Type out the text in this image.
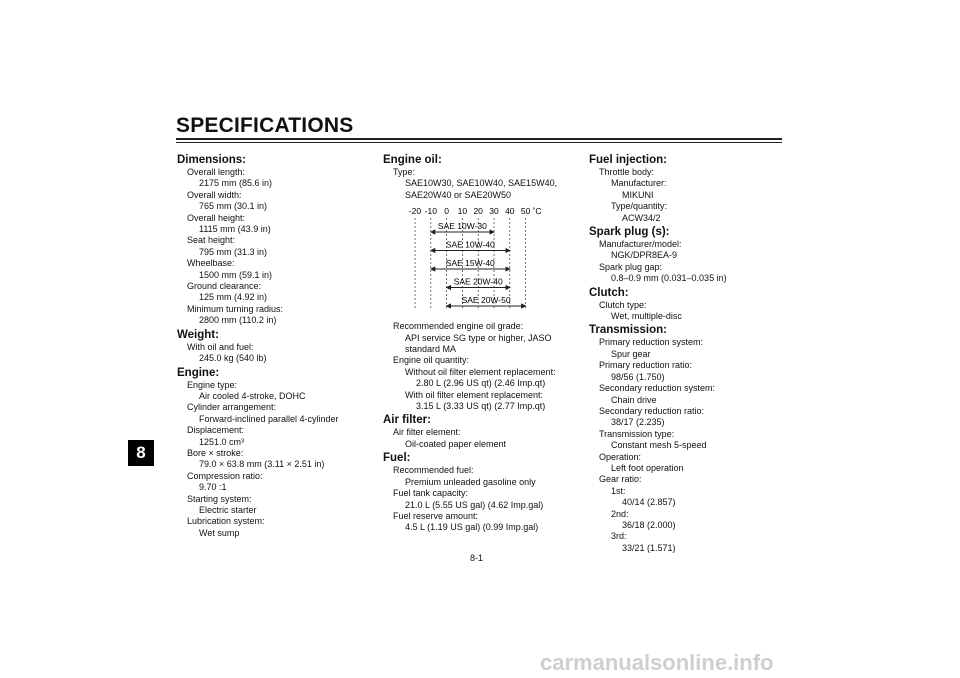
SPECIFICATIONS
8
Dimensions:
Overall length:
2175 mm (85.6 in)
Overall width:
765 mm (30.1 in)
Overall height:
1115 mm (43.9 in)
Seat height:
795 mm (31.3 in)
Wheelbase:
1500 mm (59.1 in)
Ground clearance:
125 mm (4.92 in)
Minimum turning radius:
2800 mm (110.2 in)
Weight:
With oil and fuel:
245.0 kg (540 lb)
Engine:
Engine type:
Air cooled 4-stroke, DOHC
Cylinder arrangement:
Forward-inclined parallel 4-cylinder
Displacement:
1251.0 cm³
Bore × stroke:
79.0 × 63.8 mm (3.11 × 2.51 in)
Compression ratio:
9.70 :1
Starting system:
Electric starter
Lubrication system:
Wet sump
Engine oil:
Type:
SAE10W30, SAE10W40, SAE15W40,
SAE20W40 or SAE20W50
-20 -10 0 10 20 30 40 50 ˚C
SAE 10W-30
SAE 10W-40
SAE 15W-40
SAE 20W-40
SAE 20W-50
Recommended engine oil grade:
API service SG type or higher, JASO
standard MA
Engine oil quantity:
Without oil filter element replacement:
2.80 L (2.96 US qt) (2.46 Imp.qt)
With oil filter element replacement:
3.15 L (3.33 US qt) (2.77 Imp.qt)
Air filter:
Air filter element:
Oil-coated paper element
Fuel:
Recommended fuel:
Premium unleaded gasoline only
Fuel tank capacity:
21.0 L (5.55 US gal) (4.62 Imp.gal)
Fuel reserve amount:
4.5 L (1.19 US gal) (0.99 Imp.gal)
Fuel injection:
Throttle body:
Manufacturer:
MIKUNI
Type/quantity:
ACW34/2
Spark plug (s):
Manufacturer/model:
NGK/DPR8EA-9
Spark plug gap:
0.8–0.9 mm (0.031–0.035 in)
Clutch:
Clutch type:
Wet, multiple-disc
Transmission:
Primary reduction system:
Spur gear
Primary reduction ratio:
98/56 (1.750)
Secondary reduction system:
Chain drive
Secondary reduction ratio:
38/17 (2.235)
Transmission type:
Constant mesh 5-speed
Operation:
Left foot operation
Gear ratio:
1st:
40/14 (2.857)
2nd:
36/18 (2.000)
3rd:
33/21 (1.571)
8-1
carmanualsonline.info
